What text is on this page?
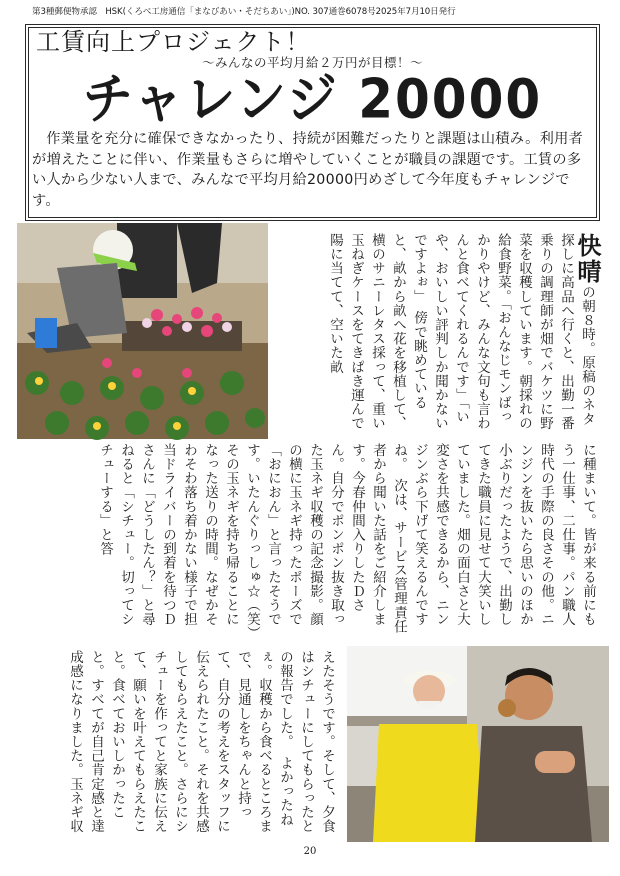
第3種郵便物承認　HSK(くろべ工房通信「まなびあい・そだちあい」)NO. 307通巻6078号2025年7月10日発行
工賃向上プロジェクト！
～みんなの平均月給２万円が目標！～
チャレンジ 20000

作業量を充分に確保できなかったり、持続が困難だったりと課題は山積み。利用者が増えたことに伴い、作業量もさらに増やしていくことが職員の課題です。工賃の多い人から少ない人まで、みんなで平均月給20000円めざして今年度もチャレンジです。

快晴の朝８時。原稿のネタ探しに高品へ行くと、出勤一番乗りの調理師が畑でバケツに野菜を収穫しています。朝採れの給食野菜。「おんなじモンばっかりやけど、みんな文句も言わんと食べてくれるんです」「いや、おいしい評判しか聞かないですよぉ」　傍で眺めていると、畝から畝へ花を移植して、横のサニーレタス採って、重い玉ねぎケースをてきぱき運んで陽に当てて、空いた畝
に種まいて。皆が来る前にもう一仕事、二仕事。パン職人時代の手際の良さその他。ニンジンを抜いたら思いのほか小ぶりだったようで、出勤してきた職員に見せて大笑いしていました。畑の面白さと大変さを共感できるから、ニンジンぶら下げて笑えるんですね。　次は、サービス管理責任者から聞いた話をご紹介します。今春仲間入りしたＤさん。自分でポンポン抜き取った玉ネギ収穫の記念撮影。顔の横に玉ネギ持ったポーズで「おにおん」と言ったそうです。いたんぐりっしゅ☆（笑）　その玉ネギを持ち帰ることになった送りの時間。なぜかそわそわ落ち着かない様子で担当ドライバーの到着を待つＤさんに「どうしたん？」と尋ねると「シチュー。切ってシチューする」と答
えたそうです。そして、夕食はシチューにしてもらったとの報告でした。　よかったねぇ。収穫から食べるところまで、見通しをちゃんと持って、自分の考えをスタッフに伝えられたこと。それを共感してもらえたこと。さらにシチューを作ってと家族に伝えて、願いを叶えてもらえたこと。食べておいしかったこと。すべてが自己肯定感と達成感になりました。玉ネギ収
20
